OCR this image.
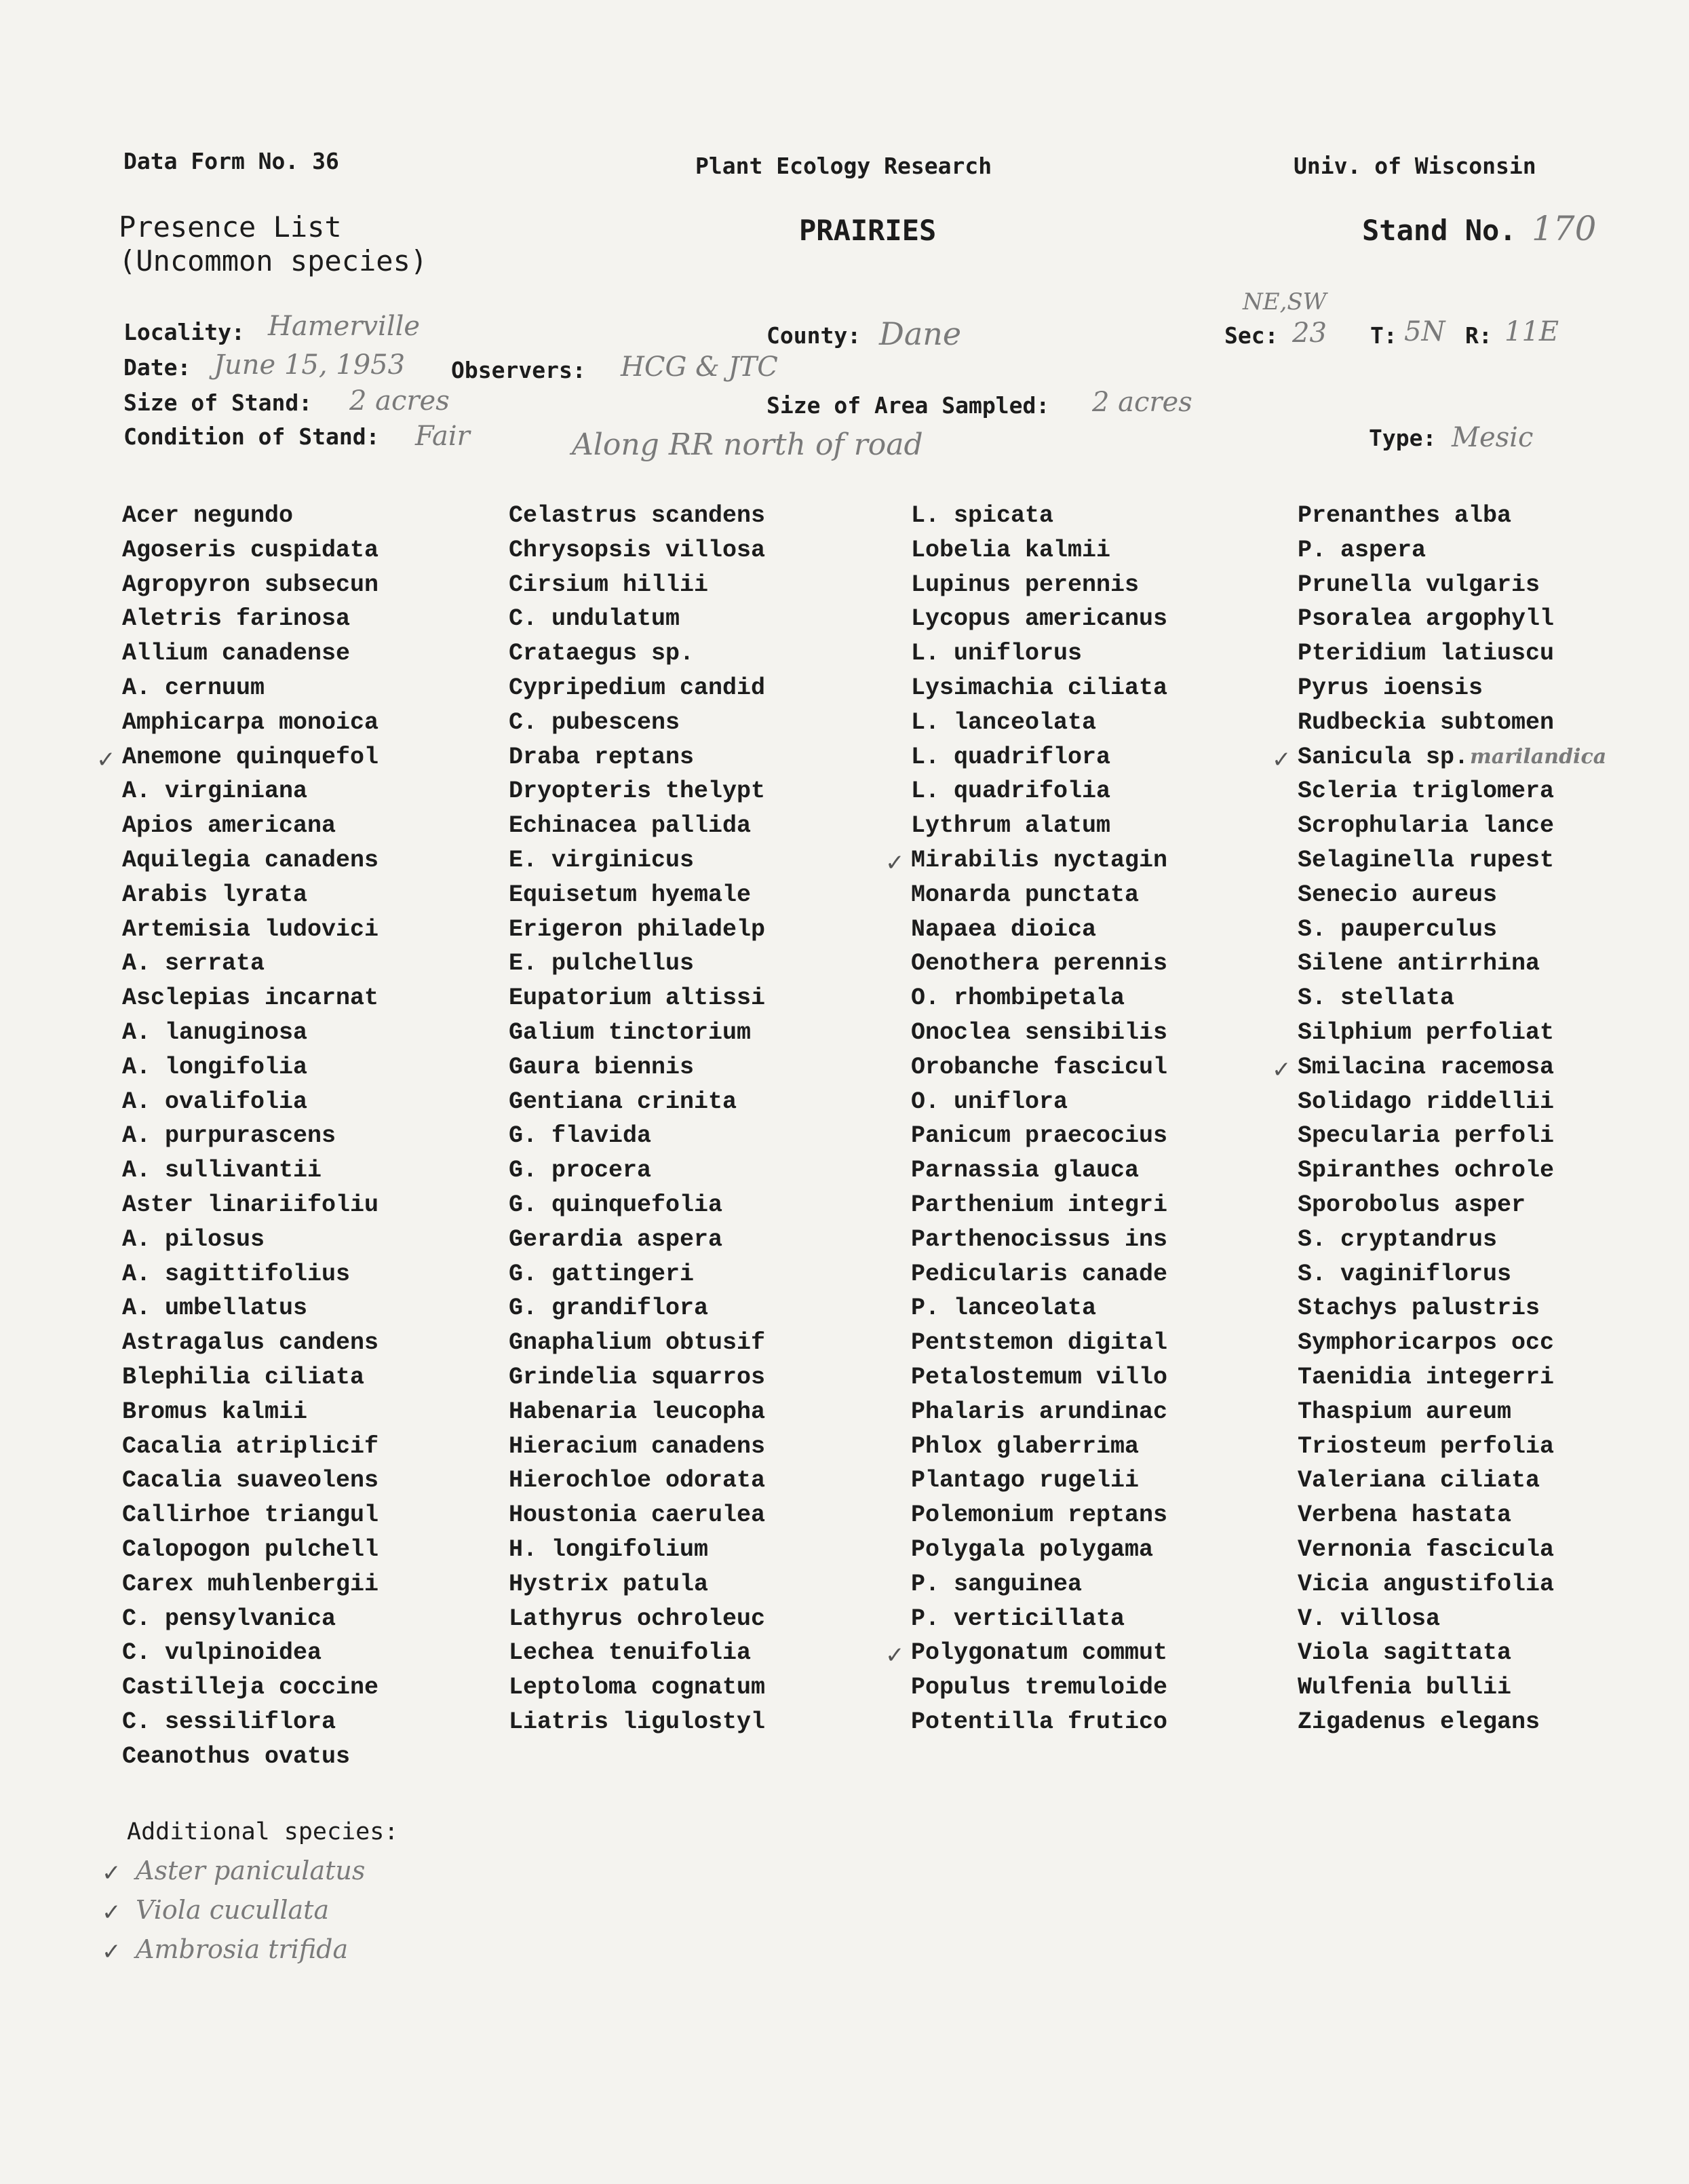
Data Form No. 36	Plant Ecology Research	Univ. of Wisconsin
Presence List
(Uncommon species)
PRAIRIES	Stand No. 170
Locality: Hamerville	County: Dane
NE,SW
Sec: 23 T: 5N R: 11E
Date: June 15, 1953 Observers: HCG & JTC
Size of Stand: 2 acres	Size of Area Sampled: 2 acres
Condition of Stand: Fair	Along RR north of road	Type: Mesic
Acer negundo
Agoseris cuspidata
Agropyron subsecun
Aletris farinosa
Allium canadense
A. cernuum
Amphicarpa monoica
✓ Anemone quinquefol
A. virginiana
Apios americana
Aquilegia canadens
Arabis lyrata
Artemisia ludovici
A. serrata
Asclepias incarnat
A. lanuginosa
A. longifolia
A. ovalifolia
A. purpurascens
A. sullivantii
Aster linariifoliu
A. pilosus
A. sagittifolius
A. umbellatus
Astragalus candens
Blephilia ciliata
Bromus kalmii
Cacalia atriplicif
Cacalia suaveolens
Callirhoe triangul
Calopogon pulchell
Carex muhlenbergii
C. pensylvanica
C. vulpinoidea
Castilleja coccine
C. sessiliflora
Ceanothus ovatus
Celastrus scandens
Chrysopsis villosa
Cirsium hillii
C. undulatum
Crataegus sp.
Cypripedium candid
C. pubescens
Draba reptans
Dryopteris thelypt
Echinacea pallida
E. virginicus
Equisetum hyemale
Erigeron philadelp
E. pulchellus
Eupatorium altissi
Galium tinctorium
Gaura biennis
Gentiana crinita
G. flavida
G. procera
G. quinquefolia
Gerardia aspera
G. gattingeri
G. grandiflora
Gnaphalium obtusif
Grindelia squarros
Habenaria leucopha
Hieracium canadens
Hierochloe odorata
Houstonia caerulea
H. longifolium
Hystrix patula
Lathyrus ochroleuc
Lechea tenuifolia
Leptoloma cognatum
Liatris ligulostyl
L. spicata
Lobelia kalmii
Lupinus perennis
Lycopus americanus
L. uniflorus
Lysimachia ciliata
L. lanceolata
L. quadriflora
L. quadrifolia
Lythrum alatum
✓ Mirabilis nyctagin
Monarda punctata
Napaea dioica
Oenothera perennis
O. rhombipetala
Onoclea sensibilis
Orobanche fascicul
O. uniflora
Panicum praecocius
Parnassia glauca
Parthenium integri
Parthenocissus ins
Pedicularis canade
P. lanceolata
Pentstemon digital
Petalostemum villo
Phalaris arundinac
Phlox glaberrima
Plantago rugelii
Polemonium reptans
Polygala polygama
P. sanguinea
P. verticillata
✓ Polygonatum commut
Populus tremuloide
Potentilla frutico
Prenanthes alba
P. aspera
Prunella vulgaris
Psoralea argophyll
Pteridium latiuscu
Pyrus ioensis
Rudbeckia subtomen
✓ Sanicula sp.marilandica
Scleria triglomera
Scrophularia lance
Selaginella rupest
Senecio aureus
S. pauperculus
Silene antirrhina
S. stellata
Silphium perfoliat
✓ Smilacina racemosa
Solidago riddellii
Specularia perfoli
Spiranthes ochrole
Sporobolus asper
S. cryptandrus
S. vaginiflorus
Stachys palustris
Symphoricarpos occ
Taenidia integerri
Thaspium aureum
Triosteum perfolia
Valeriana ciliata
Verbena hastata
Vernonia fascicula
Vicia angustifolia
V. villosa
Viola sagittata
Wulfenia bullii
Zigadenus elegans
Additional species:
✓ Aster paniculatus
✓ Viola cucullata
✓ Ambrosia trifida
